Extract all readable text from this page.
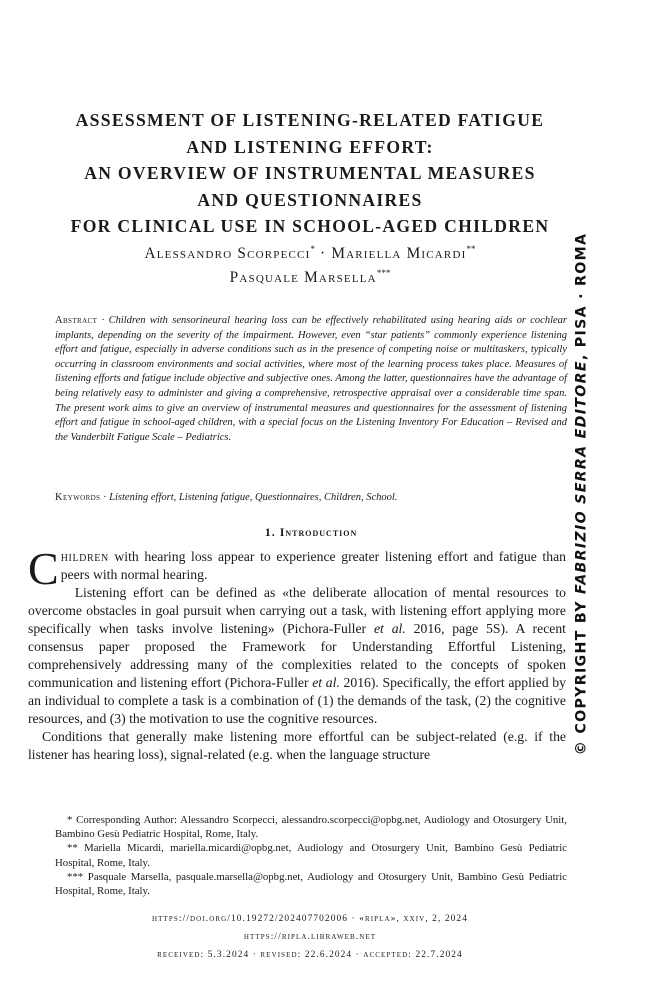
ASSESSMENT OF LISTENING-RELATED FATIGUE
AND LISTENING EFFORT:
AN OVERVIEW OF INSTRUMENTAL MEASURES
AND QUESTIONNAIRES
FOR CLINICAL USE IN SCHOOL-AGED CHILDREN
Alessandro Scorpecci* · Mariella Micardi**
Pasquale Marsella***
Abstract · Children with sensorineural hearing loss can be effectively rehabilitated using hearing aids or cochlear implants, depending on the severity of the impairment. However, even “star patients” commonly experience listening effort and fatigue, especially in adverse conditions such as in the presence of competing noise or multitaskers, typically occurring in classroom environments and social activities, where most of the learning process takes place. Measures of listening efforts and fatigue include objective and subjective ones. Among the latter, questionnaires have the advantage of being relatively easy to administer and giving a comprehensive, retrospective appraisal over a considerable time span. The present work aims to give an overview of instrumental measures and questionnaires for the assessment of listening effort and fatigue in school-aged children, with a special focus on the Listening Inventory For Education – Revised and the Vanderbilt Fatigue Scale – Pediatrics.
Keywords · Listening effort, Listening fatigue, Questionnaires, Children, School.
1. Introduction

Children with hearing loss appear to experience greater listening effort and fatigue than peers with normal hearing.

Listening effort can be defined as «the deliberate allocation of mental resources to overcome obstacles in goal pursuit when carrying out a task, with listening effort applying more specifically when tasks involve listening» (Pichora-Fuller et al. 2016, page 5S). A recent consensus paper proposed the Framework for Understanding Effortful Listening, comprehensively addressing many of the complexities related to the concepts of spoken communication and listening effort (Pichora-Fuller et al. 2016). Specifically, the effort applied by an individual to complete a task is a combination of (1) the demands of the task, (2) the cognitive resources, and (3) the motivation to use the cognitive resources.

Conditions that generally make listening more effortful can be subject-related (e.g. if the listener has hearing loss), signal-related (e.g. when the language structure

* Corresponding Author: Alessandro Scorpecci, alessandro.scorpecci@opbg.net, Audiology and Otosurgery Unit, Bambino Gesù Pediatric Hospital, Rome, Italy.

** Mariella Micardi, mariella.micardi@opbg.net, Audiology and Otosurgery Unit, Bambino Gesù Pediatric Hospital, Rome, Italy.

*** Pasquale Marsella, pasquale.marsella@opbg.net, Audiology and Otosurgery Unit, Bambino Gesù Pediatric Hospital, Rome, Italy.

https://doi.org/10.19272/202407702006 · «ripla», xxiv, 2, 2024
https://ripla.libraweb.net
received: 5.3.2024 · revised: 22.6.2024 · accepted: 22.7.2024
© COPYRIGHT BY FABRIZIO SERRA EDITORE, PISA · ROMA
